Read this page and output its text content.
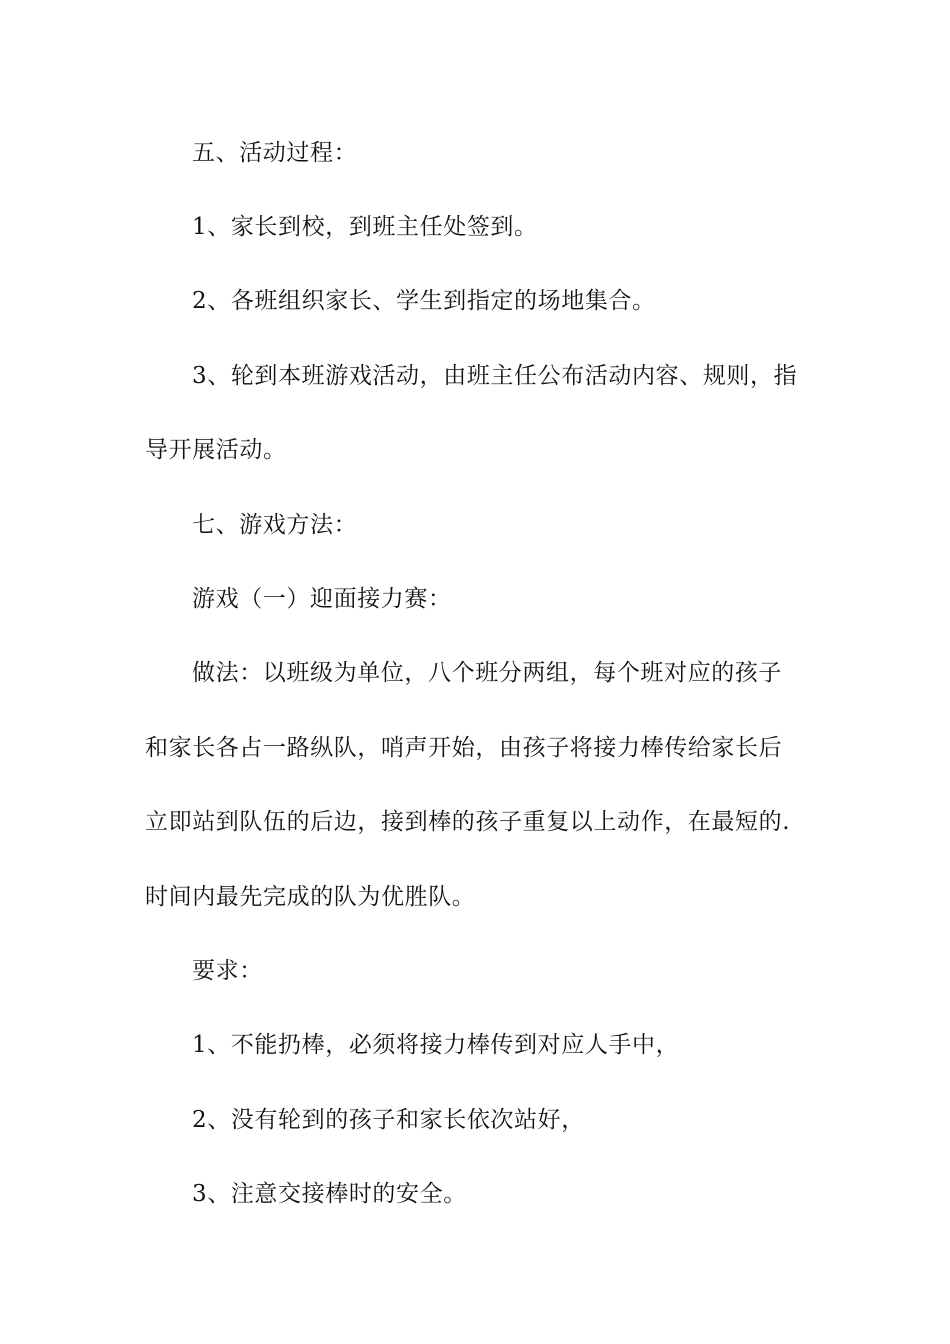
五、活动过程：
1、家长到校，到班主任处签到。
2、各班组织家长、学生到指定的场地集合。
3、轮到本班游戏活动，由班主任公布活动内容、规则，指
导开展活动。
七、游戏方法：
游戏（一）迎面接力赛：
做法：以班级为单位，八个班分两组，每个班对应的孩子
和家长各占一路纵队，哨声开始，由孩子将接力棒传给家长后
立即站到队伍的后边，接到棒的孩子重复以上动作，在最短的.
时间内最先完成的队为优胜队。
要求：
1、不能扔棒，必须将接力棒传到对应人手中，
2、没有轮到的孩子和家长依次站好，
3、注意交接棒时的安全。
